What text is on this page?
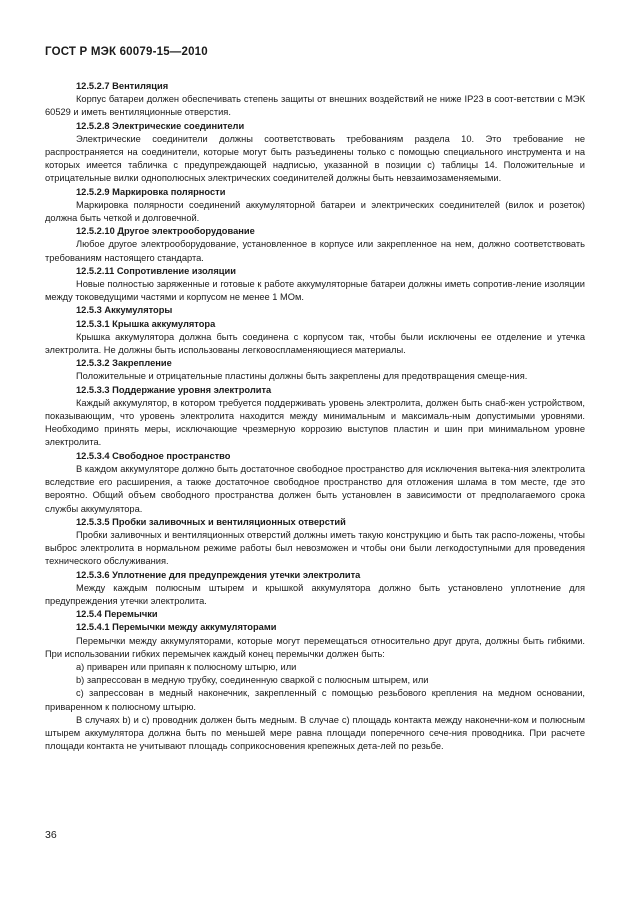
ГОСТ Р МЭК 60079-15—2010

12.5.2.7 Вентиляция

Корпус батареи должен обеспечивать степень защиты от внешних воздействий не ниже IP23 в соот-ветствии с МЭК 60529 и иметь вентиляционные отверстия.

12.5.2.8 Электрические соединители

Электрические соединители должны соответствовать требованиям раздела 10. Это требование не распространяется на соединители, которые могут быть разъединены только с помощью специального инструмента и на которых имеется табличка с предупреждающей надписью, указанной в позиции с) таблицы 14. Положительные и отрицательные вилки однополюсных электрических соединителей должны быть невзаимозаменяемыми.

12.5.2.9 Маркировка полярности

Маркировка полярности соединений аккумуляторной батареи и электрических соединителей (вилок и розеток) должна быть четкой и долговечной.

12.5.2.10 Другое электрооборудование

Любое другое электрооборудование, установленное в корпусе или закрепленное на нем, должно соответствовать требованиям настоящего стандарта.

12.5.2.11 Сопротивление изоляции

Новые полностью заряженные и готовые к работе аккумуляторные батареи должны иметь сопротив-ление изоляции между токоведущими частями и корпусом не менее 1 МОм.

12.5.3 Аккумуляторы

12.5.3.1 Крышка аккумулятора

Крышка аккумулятора должна быть соединена с корпусом так, чтобы были исключены ее отделение и утечка электролита. Не должны быть использованы легковоспламеняющиеся материалы.

12.5.3.2 Закрепление

Положительные и отрицательные пластины должны быть закреплены для предотвращения смеще-ния.

12.5.3.3 Поддержание уровня электролита

Каждый аккумулятор, в котором требуется поддерживать уровень электролита, должен быть снаб-жен устройством, показывающим, что уровень электролита находится между минимальным и максималь-ным допустимыми уровнями. Необходимо принять меры, исключающие чрезмерную коррозию выступов пластин и шин при минимальном уровне электролита.

12.5.3.4 Свободное пространство

В каждом аккумуляторе должно быть достаточное свободное пространство для исключения вытека-ния электролита вследствие его расширения, а также достаточное свободное пространство для отложения шлама в том месте, где это вероятно. Общий объем свободного пространства должен быть установлен в зависимости от предполагаемого срока службы аккумулятора.

12.5.3.5 Пробки заливочных и вентиляционных отверстий

Пробки заливочных и вентиляционных отверстий должны иметь такую конструкцию и быть так распо-ложены, чтобы выброс электролита в нормальном режиме работы был невозможен и чтобы они были легкодоступными для проведения технического обслуживания.

12.5.3.6 Уплотнение для предупреждения утечки электролита

Между каждым полюсным штырем и крышкой аккумулятора должно быть установлено уплотнение для предупреждения утечки электролита.

12.5.4 Перемычки

12.5.4.1 Перемычки между аккумуляторами

Перемычки между аккумуляторами, которые могут перемещаться относительно друг друга, должны быть гибкими. При использовании гибких перемычек каждый конец перемычки должен быть:

а) приварен или припаян к полюсному штырю, или

b) запрессован в медную трубку, соединенную сваркой с полюсным штырем, или

c) запрессован в медный наконечник, закрепленный с помощью резьбового крепления на медном основании, приваренном к полюсному штырю.

В случаях b) и c) проводник должен быть медным. В случае c) площадь контакта между наконечни-ком и полюсным штырем аккумулятора должна быть по меньшей мере равна площади поперечного сече-ния проводника. При расчете площади контакта не учитывают площадь соприкосновения крепежных дета-лей по резьбе.

36
